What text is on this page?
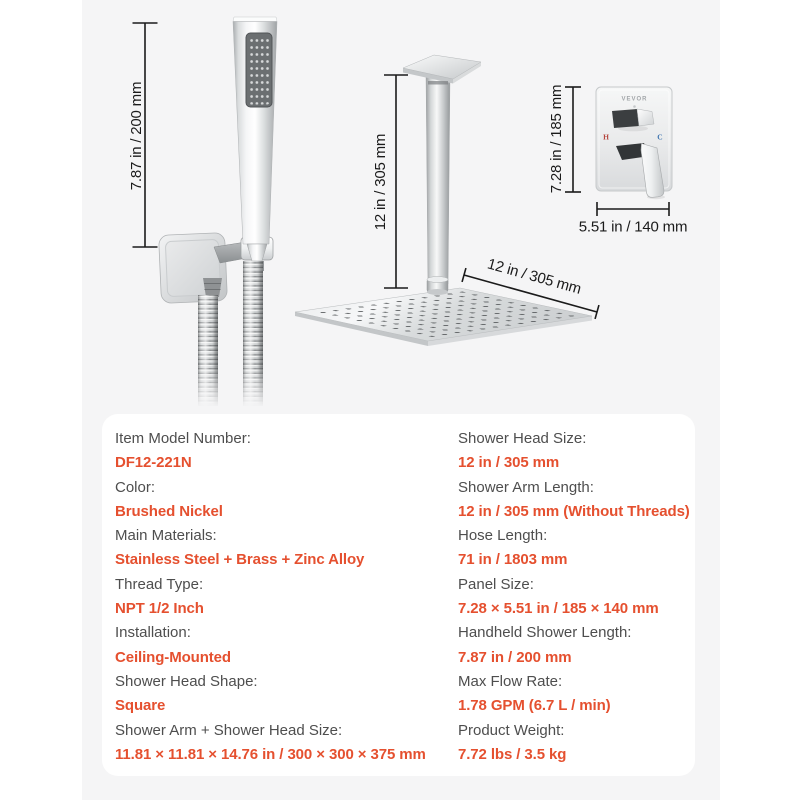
7.87 in / 200 mm	12 in / 305 mm
12 in / 305 mm
7.28 in / 185 mm	VEVOR
H	C
5.51 in / 140 mm
Item Model Number:
DF12-221N
Color:
Brushed Nickel
Main Materials:
Stainless Steel + Brass + Zinc Alloy
Thread Type:
NPT 1/2 Inch
Installation:
Ceiling-Mounted
Shower Head Shape:
Square
Shower Arm + Shower Head Size:
11.81 × 11.81 × 14.76 in / 300 × 300 × 375 mm
Shower Head Size:
12 in / 305 mm
Shower Arm Length:
12 in / 305 mm (Without Threads)
Hose Length:
71 in / 1803 mm
Panel Size:
7.28 × 5.51 in / 185 × 140 mm
Handheld Shower Length:
7.87 in / 200 mm
Max Flow Rate:
1.78 GPM (6.7 L / min)
Product Weight:
7.72 lbs / 3.5 kg
